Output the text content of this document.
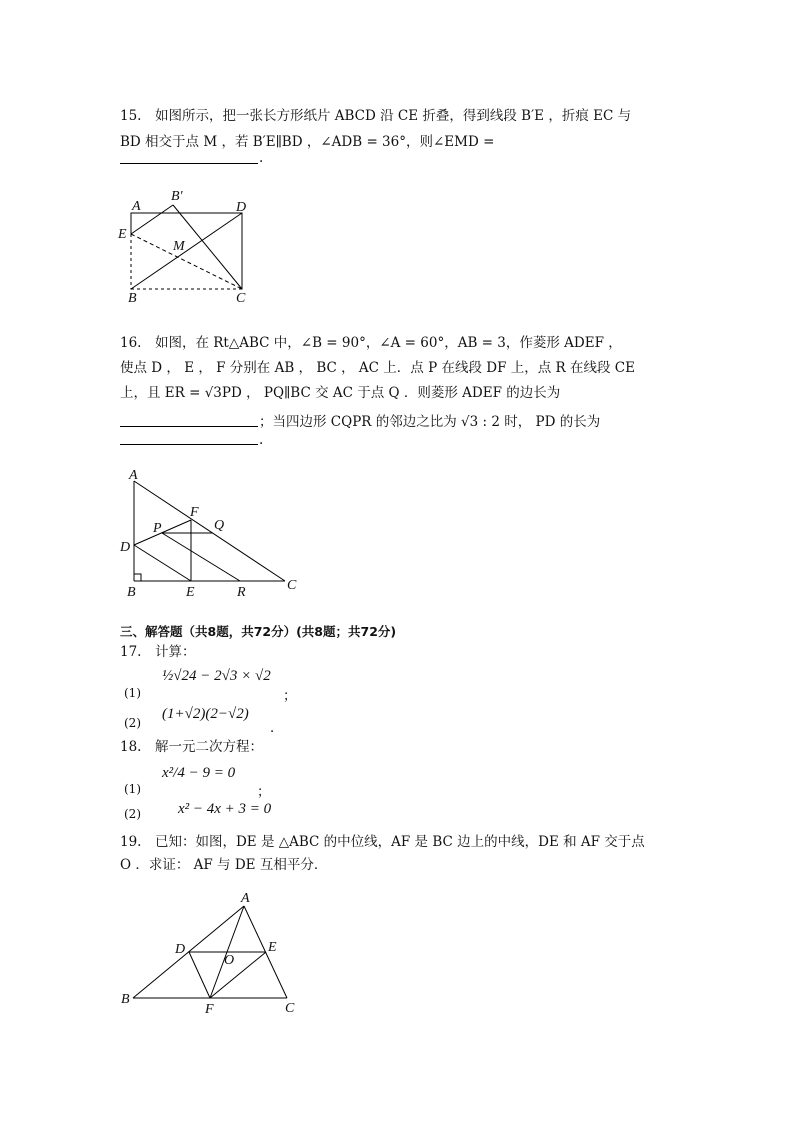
15.　如图所示，把一张长方形纸片 ABCD 沿 CE 折叠，得到线段 B′E ，折痕 EC 与
BD 相交于点 M ，若 B′E∥BD ，∠ADB = 36°，则∠EMD =
.
A
B′
D
E
M
B	C
16.　如图，在 Rt△ABC 中，∠B = 90°，∠A = 60°，AB = 3，作菱形 ADEF ，
使点 D ， E ， F 分别在 AB ， BC ， AC 上．点 P 在线段 DF 上，点 R 在线段 CE
上，且 ER = √3PD ， PQ∥BC 交 AC 于点 Q ．则菱形 ADEF 的边长为
；当四边形 CQPR 的邻边之比为 √3 : 2 时， PD 的长为
.
A
F
Q
P
D
B	E	R	C
三、解答题（共8题，共72分）(共8题；共72分)
17.　计算：
(1)
½√24 − 2√3 × √2
；
(2)
(1+√2)(2−√2)
．
18.　解一元二次方程：
(1)
x²/4 − 9 = 0
；
(2) x² − 4x + 3 = 0
19.　已知：如图，DE 是 △ABC 的中位线，AF 是 BC 边上的中线，DE 和 AF 交于点
O ．求证： AF 与 DE 互相平分．
A
D	E
O
B
F	C
